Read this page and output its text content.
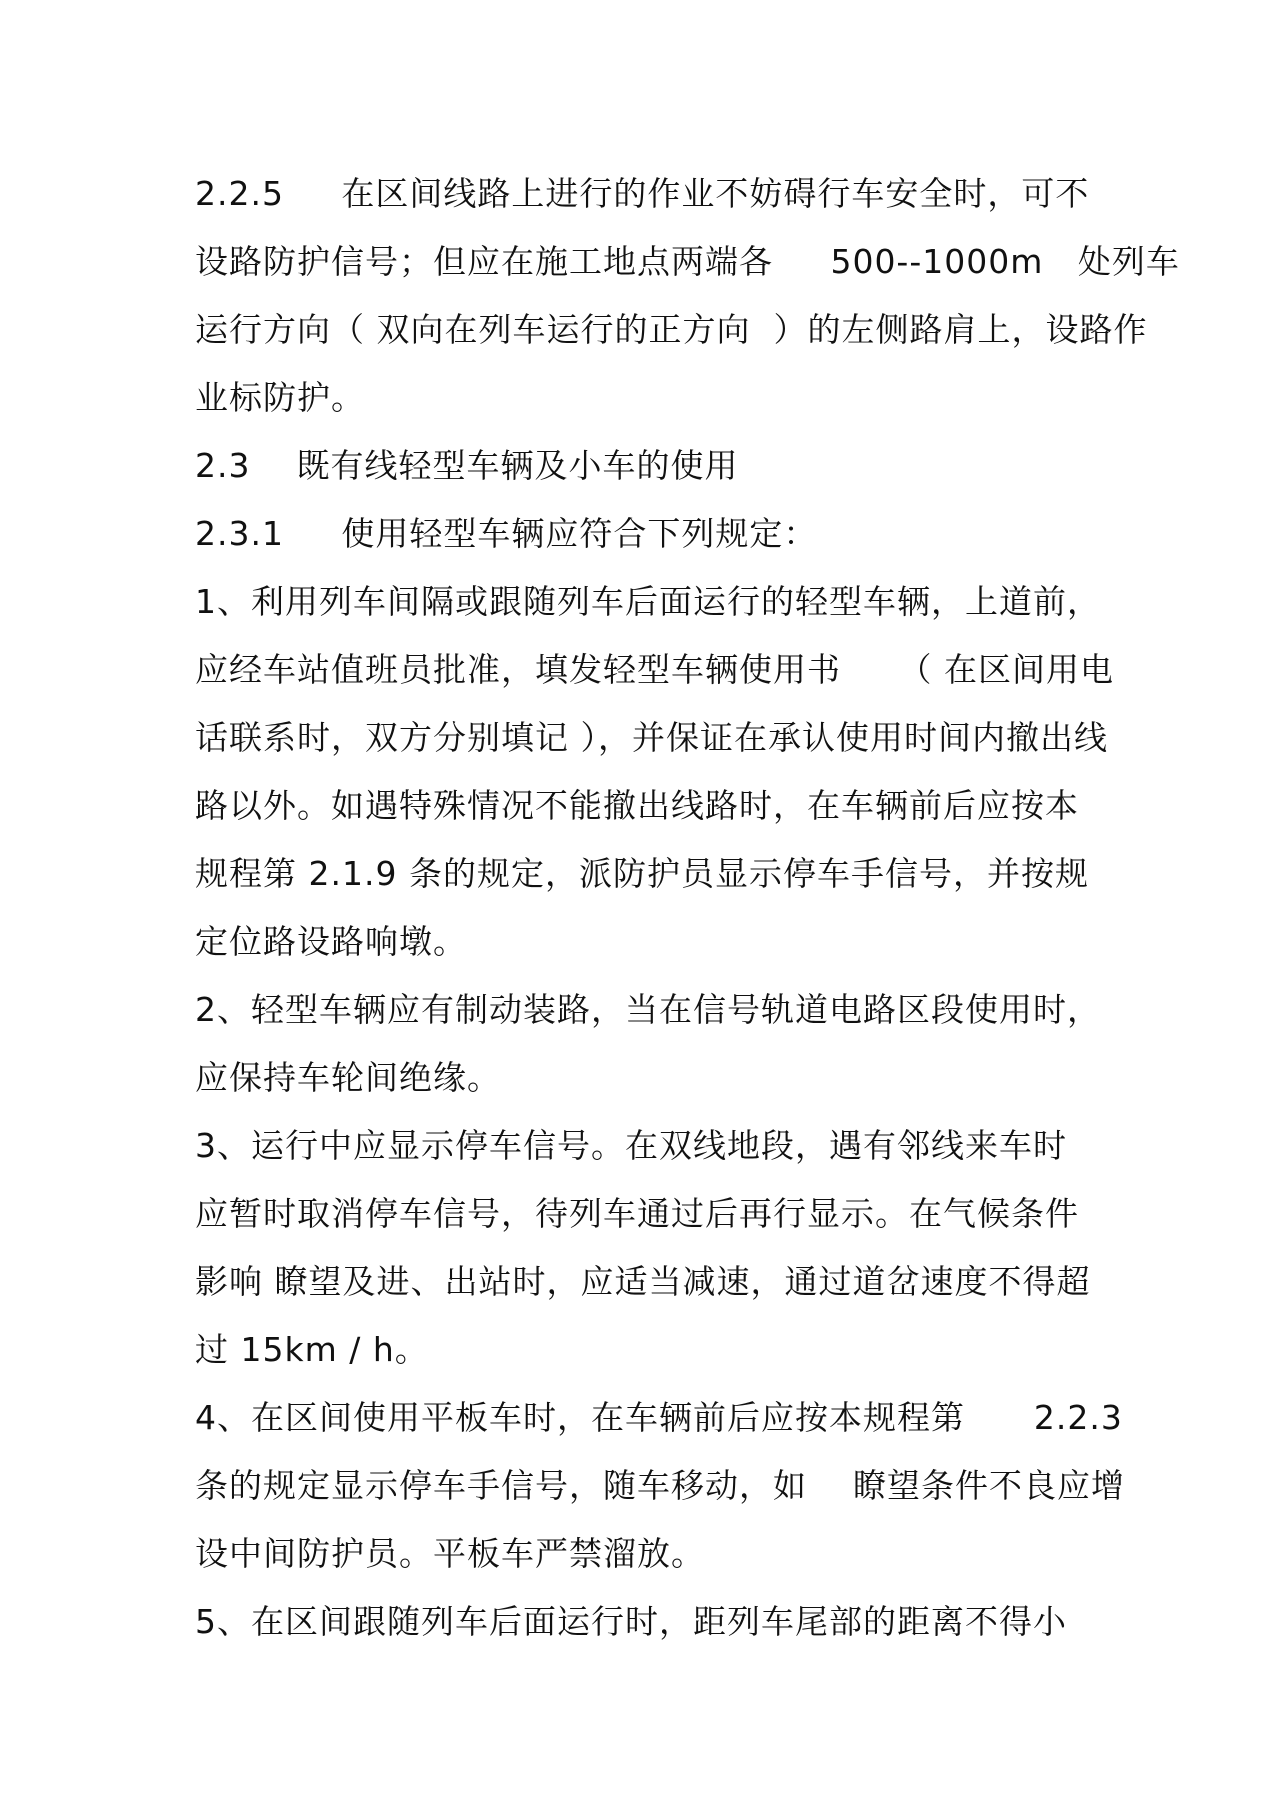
2.2.5     在区间线路上进行的作业不妨碍行车安全时，可不
设路防护信号；但应在施工地点两端各     500--1000m   处列车
运行方向（ 双向在列车运行的正方向  ）的左侧路肩上，设路作
业标防护。
2.3    既有线轻型车辆及小车的使用
2.3.1     使用轻型车辆应符合下列规定：
1、利用列车间隔或跟随列车后面运行的轻型车辆，上道前，
应经车站值班员批准，填发轻型车辆使用书     （ 在区间用电
话联系时，双方分别填记 ），并保证在承认使用时间内撤出线
路以外。如遇特殊情况不能撤出线路时，在车辆前后应按本
规程第 2.1.9 条的规定，派防护员显示停车手信号，并按规
定位路设路响墩。
2、轻型车辆应有制动装路，当在信号轨道电路区段使用时，
应保持车轮间绝缘。
3、运行中应显示停车信号。在双线地段，遇有邻线来车时
应暂时取消停车信号，待列车通过后再行显示。在气候条件
影响 瞭望及进、出站时，应适当减速，通过道岔速度不得超
过 15km / h。
4、在区间使用平板车时，在车辆前后应按本规程第      2.2.3
条的规定显示停车手信号，随车移动，如    瞭望条件不良应增
设中间防护员。平板车严禁溜放。
5、在区间跟随列车后面运行时，距列车尾部的距离不得小
